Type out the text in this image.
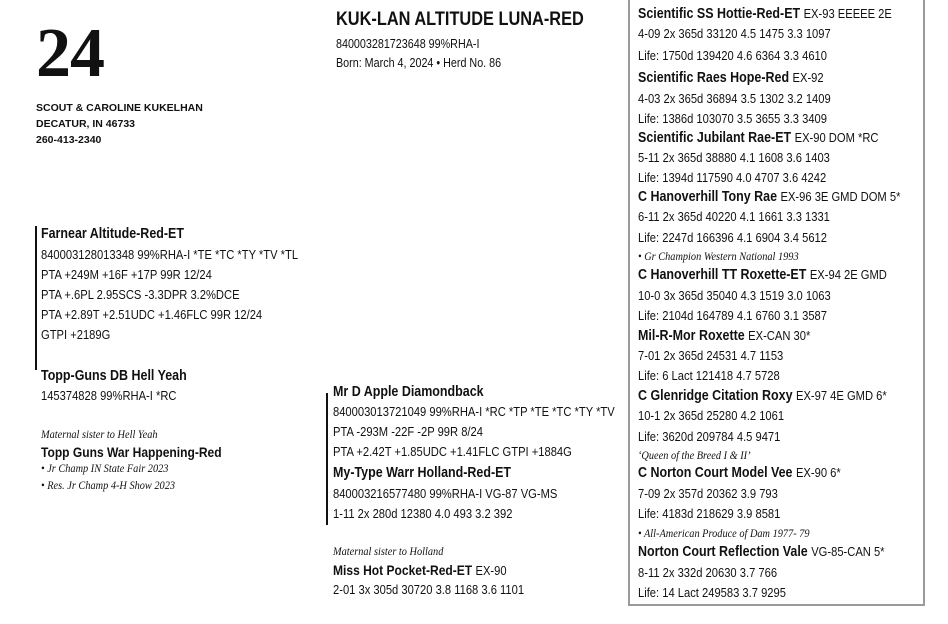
24
SCOUT & CAROLINE KUKELHAN
DECATUR, IN 46733
260-413-2340
KUK-LAN ALTITUDE LUNA-RED
840003281723648 99%RHA-I
Born: March 4, 2024 • Herd No. 86
Farnear Altitude-Red-ET
840003128013348 99%RHA-I *TE *TC *TY *TV *TL
PTA +249M +16F +17P 99R 12/24
PTA +.6PL 2.95SCS -3.3DPR 3.2%DCE
PTA +2.89T +2.51UDC +1.46FLC 99R 12/24
GTPI +2189G
Topp-Guns DB Hell Yeah
145374828 99%RHA-I *RC
Maternal sister to Hell Yeah
Topp Guns War Happening-Red
• Jr Champ IN State Fair 2023
• Res. Jr Champ 4-H Show 2023
Mr D Apple Diamondback
840003013721049 99%RHA-I *RC *TP *TE *TC *TY *TV
PTA -293M -22F -2P 99R 8/24
PTA +2.42T +1.85UDC +1.41FLC GTPI +1884G
My-Type Warr Holland-Red-ET
840003216577480 99%RHA-I VG-87 VG-MS
1-11 2x 280d 12380 4.0 493 3.2 392
Maternal sister to Holland
Miss Hot Pocket-Red-ET EX-90
2-01 3x 305d 30720 3.8 1168 3.6 1101
Scientific SS Hottie-Red-ET EX-93 EEEEE 2E
4-09 2x 365d 33120 4.5 1475 3.3 1097
Life: 1750d 139420 4.6 6364 3.3 4610
Scientific Raes Hope-Red EX-92
4-03 2x 365d 36894 3.5 1302 3.2 1409
Life: 1386d 103070 3.5 3655 3.3 3409
Scientific Jubilant Rae-ET EX-90 DOM *RC
5-11 2x 365d 38880 4.1 1608 3.6 1403
Life: 1394d 117590 4.0 4707 3.6 4242
C Hanoverhill Tony Rae EX-96 3E GMD DOM 5*
6-11 2x 365d 40220 4.1 1661 3.3 1331
Life: 2247d 166396 4.1 6904 3.4 5612
• Gr Champion Western National 1993
C Hanoverhill TT Roxette-ET EX-94 2E GMD
10-0 3x 365d 35040 4.3 1519 3.0 1063
Life: 2104d 164789 4.1 6760 3.1 3587
Mil-R-Mor Roxette EX-CAN 30*
7-01 2x 365d 24531 4.7 1153
Life: 6 Lact 121418 4.7 5728
C Glenridge Citation Roxy EX-97 4E GMD 6*
10-1 2x 365d 25280 4.2 1061
Life: 3620d 209784 4.5 9471
‘Queen of the Breed I & II’
C Norton Court Model Vee EX-90 6*
7-09 2x 357d 20362 3.9 793
Life: 4183d 218629 3.9 8581
• All-American Produce of Dam 1977- 79
Norton Court Reflection Vale VG-85-CAN 5*
8-11 2x 332d 20630 3.7 766
Life: 14 Lact 249583 3.7 9295
